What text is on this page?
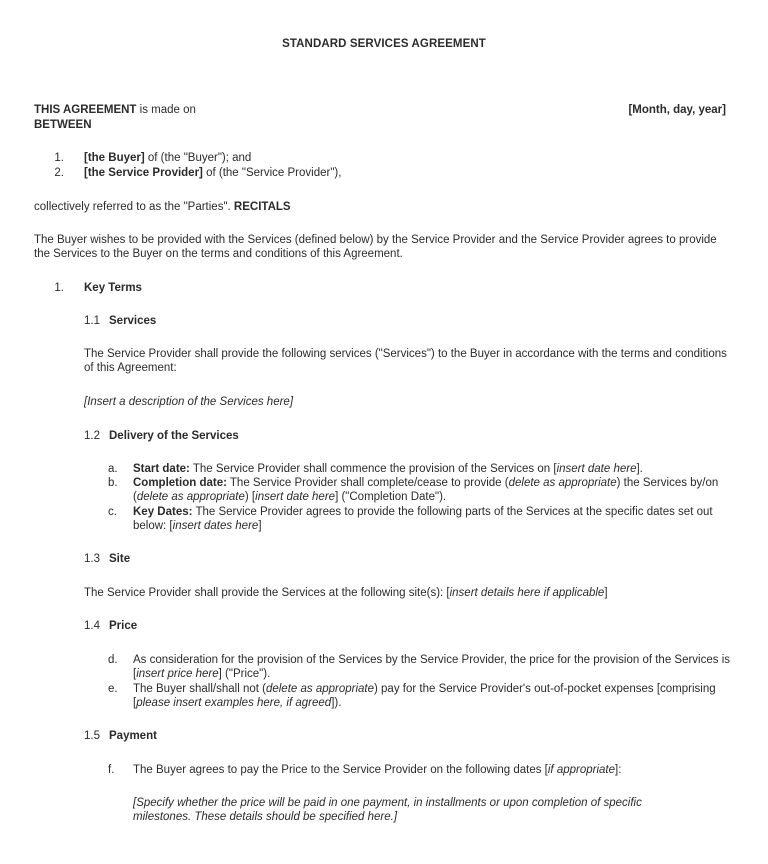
STANDARD SERVICES AGREEMENT
THIS AGREEMENT is made on	[Month, day, year]
BETWEEN
1. [the Buyer] of (the "Buyer"); and
2. [the Service Provider] of (the "Service Provider"),
collectively referred to as the "Parties". RECITALS
The Buyer wishes to be provided with the Services (defined below) by the Service Provider and the Service Provider agrees to provide the Services to the Buyer on the terms and conditions of this Agreement.
1. Key Terms
1.1 Services
The Service Provider shall provide the following services ("Services") to the Buyer in accordance with the terms and conditions of this Agreement:
[Insert a description of the Services here]
1.2 Delivery of the Services
a.	Start date: The Service Provider shall commence the provision of the Services on [insert date here].
b.	Completion date: The Service Provider shall complete/cease to provide (delete as appropriate) the Services by/on (delete as appropriate) [insert date here] ("Completion Date").
c.	Key Dates: The Service Provider agrees to provide the following parts of the Services at the specific dates set out below: [insert dates here]
1.3 Site
The Service Provider shall provide the Services at the following site(s): [insert details here if applicable]
1.4 Price
d.	As consideration for the provision of the Services by the Service Provider, the price for the provision of the Services is [insert price here] ("Price").
e.	The Buyer shall/shall not (delete as appropriate) pay for the Service Provider's out-of-pocket expenses [comprising [please insert examples here, if agreed]).
1.5 Payment
f.	The Buyer agrees to pay the Price to the Service Provider on the following dates [if appropriate]:
[Specify whether the price will be paid in one payment, in installments or upon completion of specific milestones. These details should be specified here.]
